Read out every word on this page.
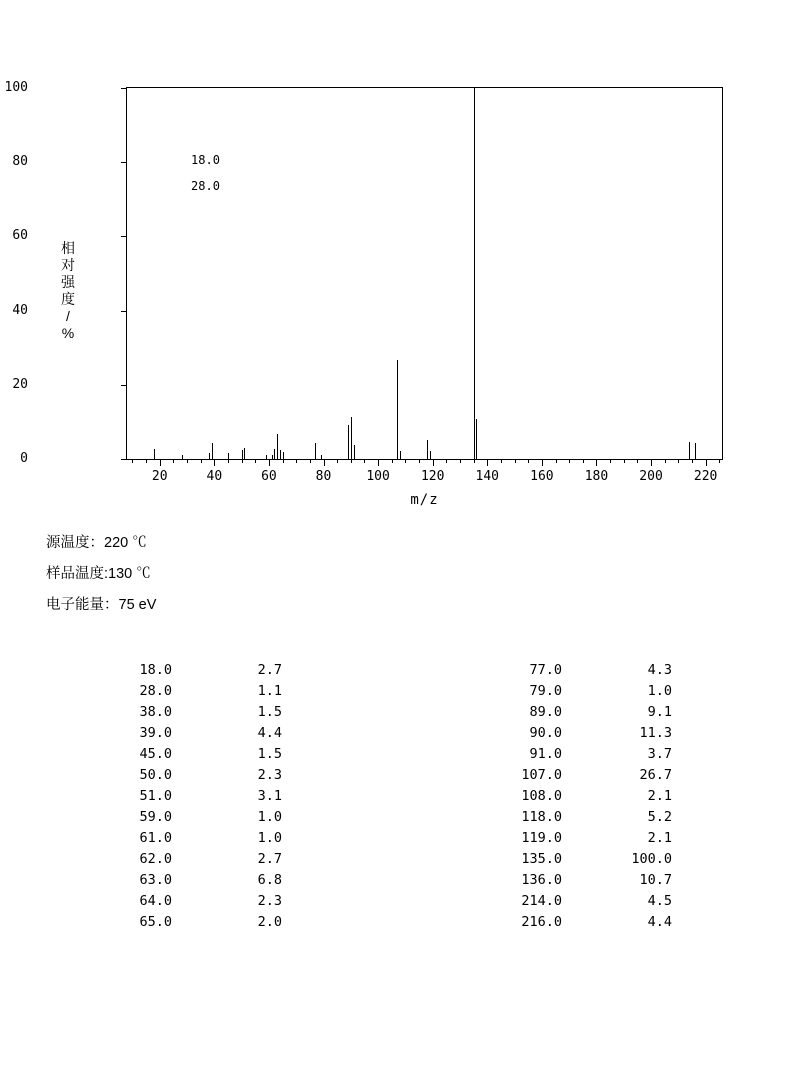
相
对
强
度
/
%
18.0
28.0
0
20
40
60
80
100
20	40	60	80	100 120 140 160 180 200 220
m/z
源温度：220 ℃
样品温度:130 ℃
电子能量：75 eV
18.0	2.7
28.0	1.1
38.0	1.5
39.0	4.4
45.0	1.5
50.0	2.3
51.0	3.1
59.0	1.0
61.0	1.0
62.0	2.7
63.0	6.8
64.0	2.3
65.0	2.0
77.0	4.3
79.0	1.0
89.0	9.1
90.0	11.3
91.0	3.7
107.0	26.7
108.0	2.1
118.0	5.2
119.0	2.1
135.0	100.0
136.0	10.7
214.0	4.5
216.0	4.4
